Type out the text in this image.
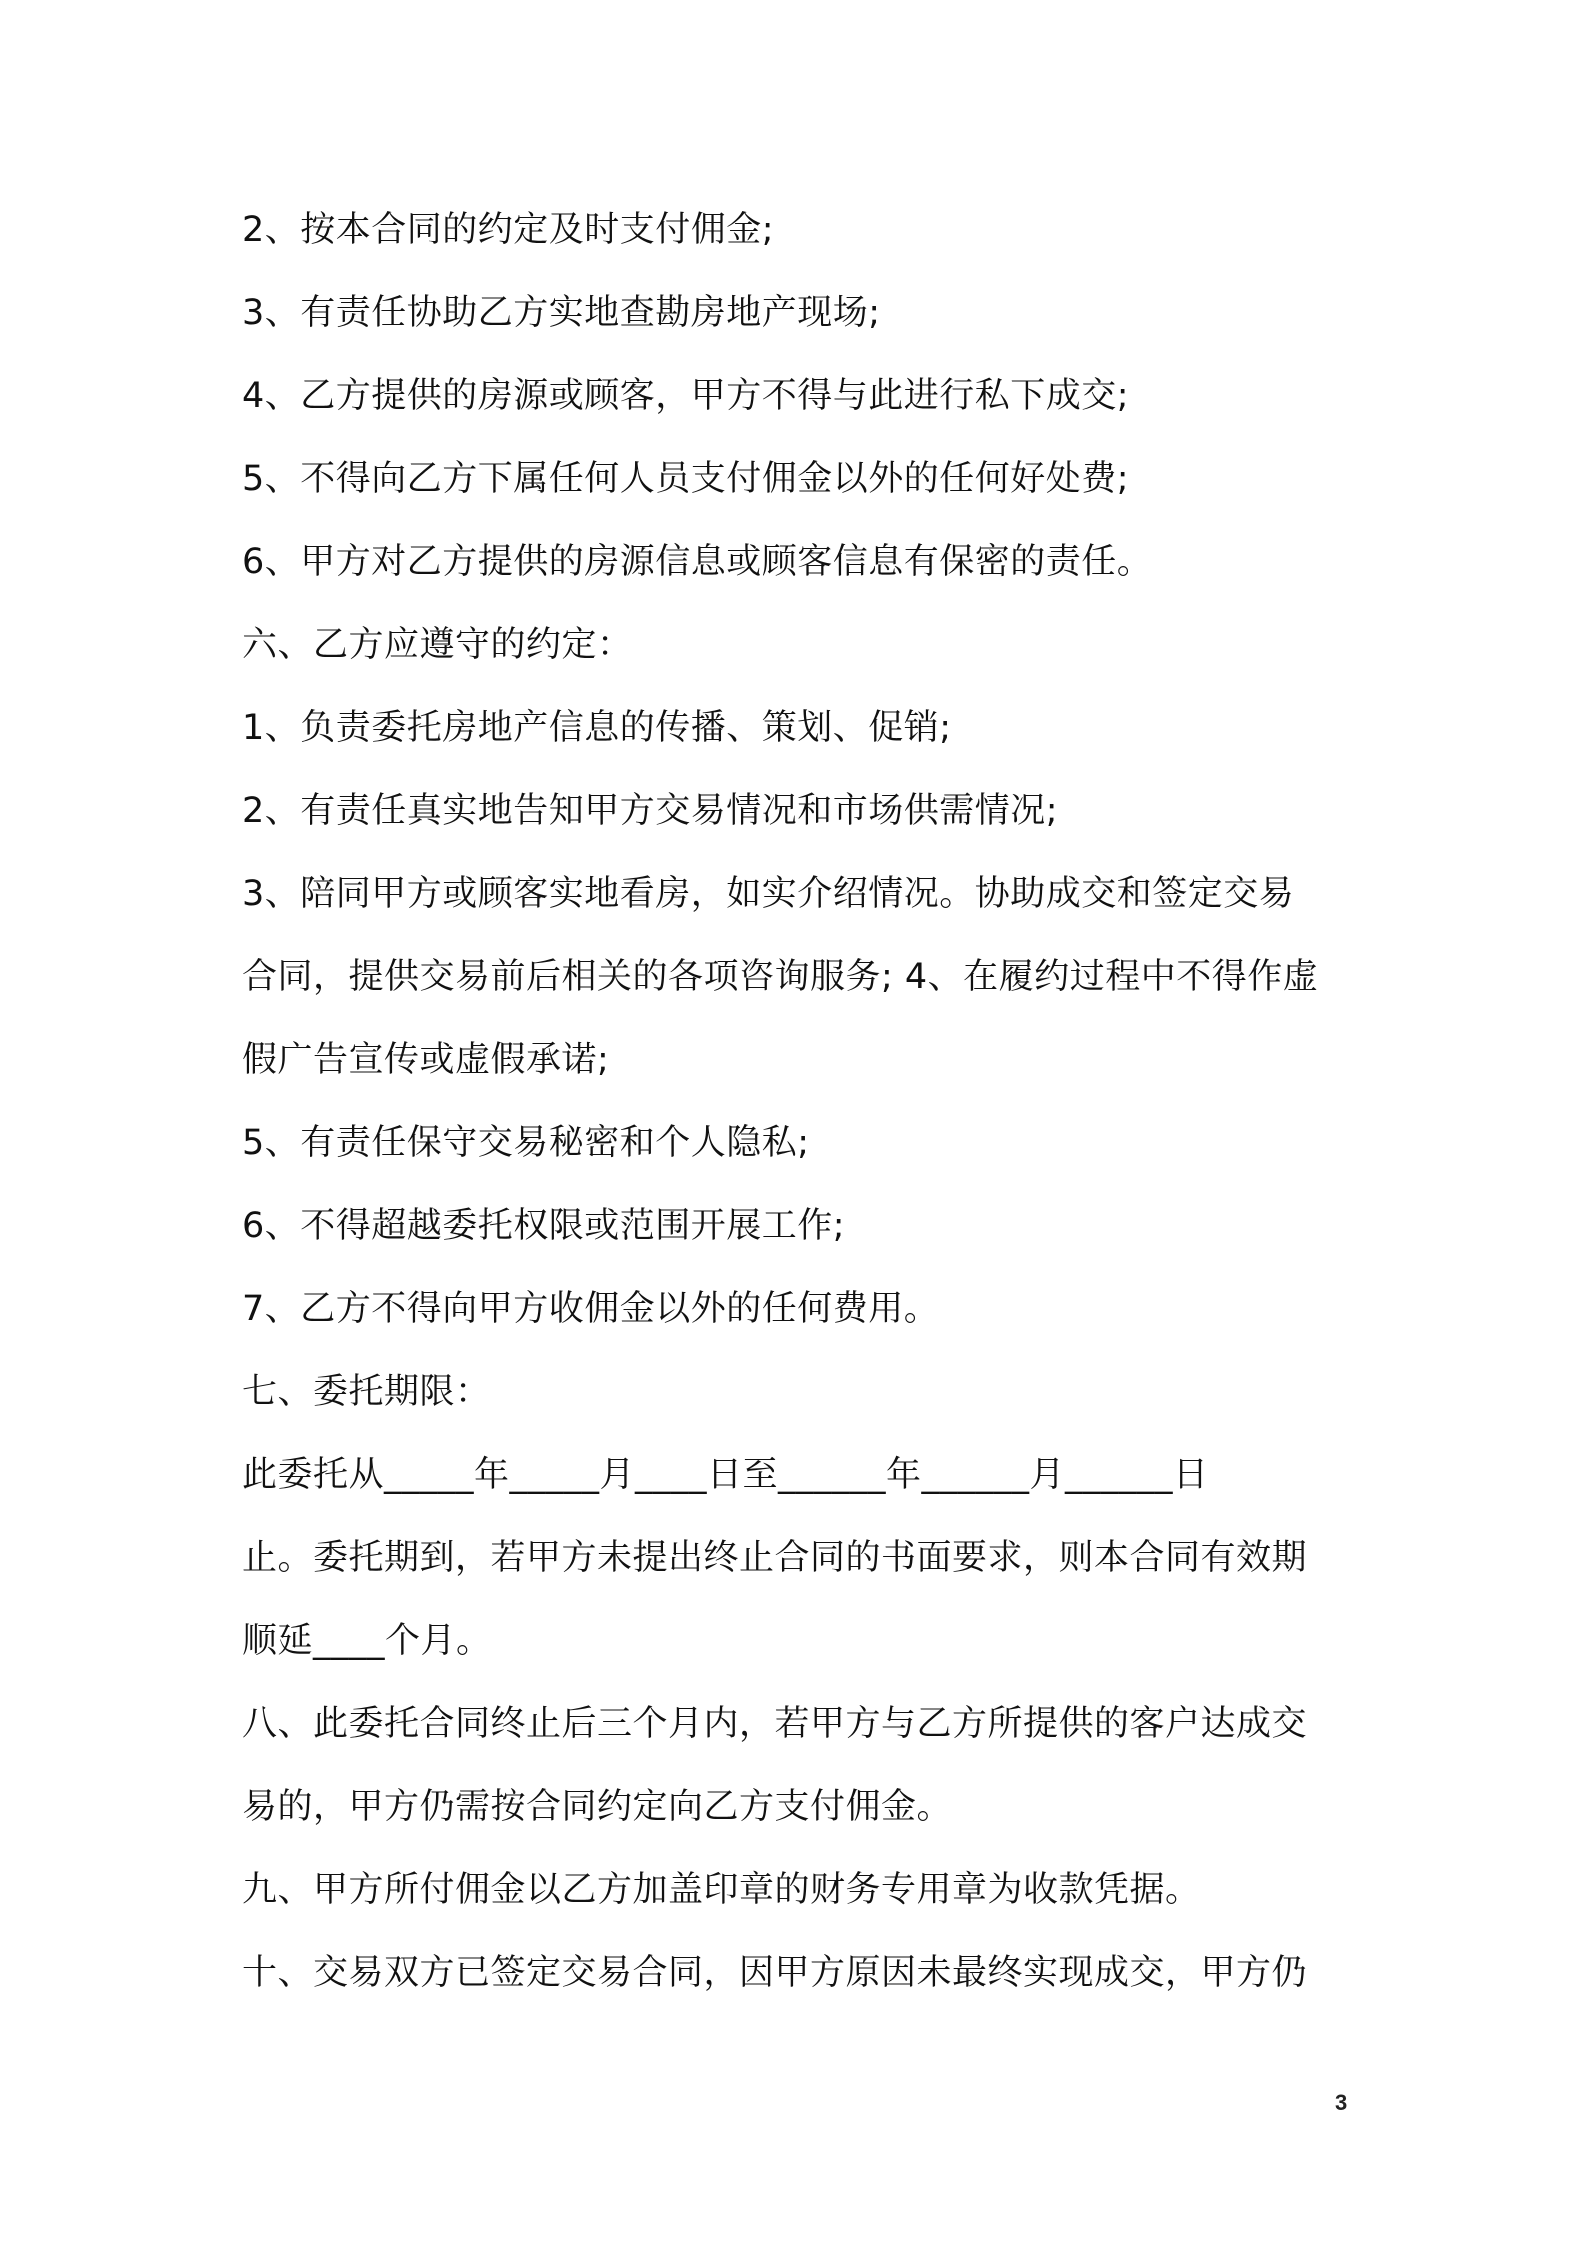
2、按本合同的约定及时支付佣金;
3、有责任协助乙方实地查勘房地产现场;
4、乙方提供的房源或顾客，甲方不得与此进行私下成交;
5、不得向乙方下属任何人员支付佣金以外的任何好处费;
6、甲方对乙方提供的房源信息或顾客信息有保密的责任。
六、乙方应遵守的约定：
1、负责委托房地产信息的传播、策划、促销;
2、有责任真实地告知甲方交易情况和市场供需情况;
3、陪同甲方或顾客实地看房，如实介绍情况。协助成交和签定交易
合同，提供交易前后相关的各项咨询服务; 4、在履约过程中不得作虚
假广告宣传或虚假承诺;
5、有责任保守交易秘密和个人隐私;
6、不得超越委托权限或范围开展工作;
7、乙方不得向甲方收佣金以外的任何费用。
七、委托期限：
此委托从_____年_____月____日至______年______月______日
止。委托期到，若甲方未提出终止合同的书面要求，则本合同有效期
顺延____个月。
八、此委托合同终止后三个月内，若甲方与乙方所提供的客户达成交
易的，甲方仍需按合同约定向乙方支付佣金。
九、甲方所付佣金以乙方加盖印章的财务专用章为收款凭据。
十、交易双方已签定交易合同，因甲方原因未最终实现成交，甲方仍
3
